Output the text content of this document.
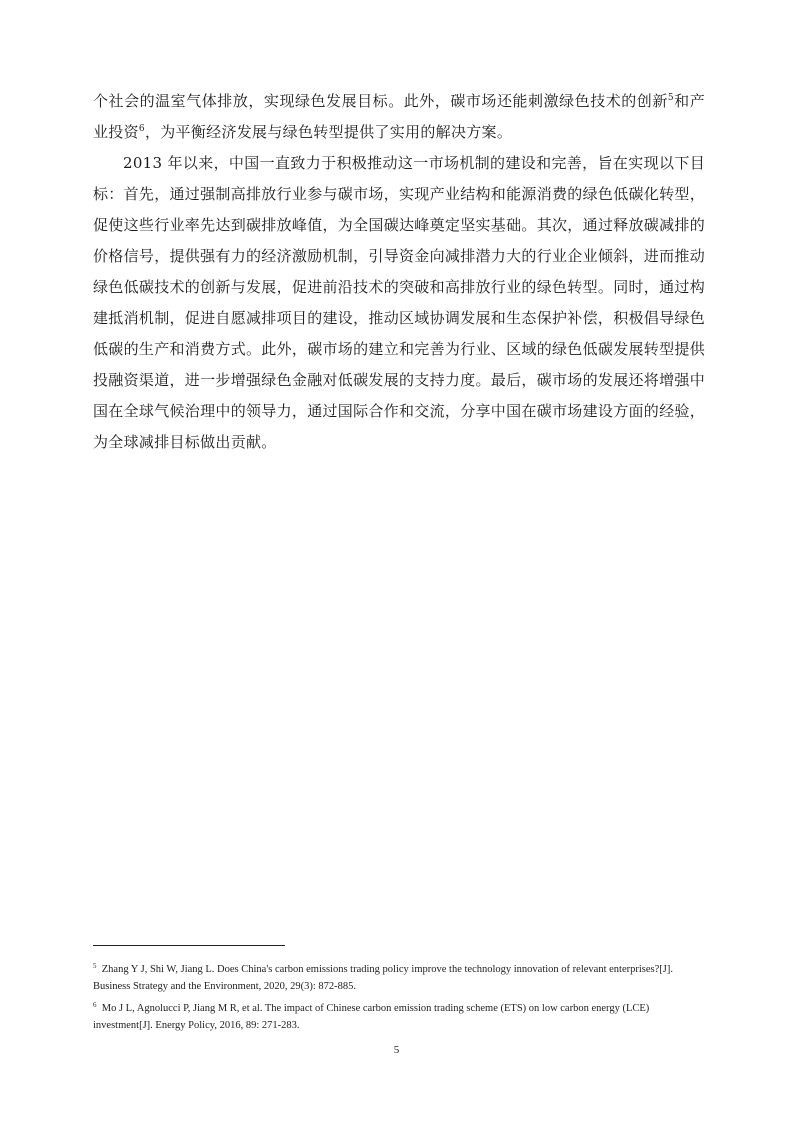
个社会的温室气体排放，实现绿色发展目标。此外，碳市场还能刺激绿色技术的创新$^5$和产业投资$^6$，为平衡经济发展与绿色转型提供了实用的解决方案。

2013 年以来，中国一直致力于积极推动这一市场机制的建设和完善，旨在实现以下目标：首先，通过强制高排放行业参与碳市场，实现产业结构和能源消费的绿色低碳化转型，促使这些行业率先达到碳排放峰值，为全国碳达峰奠定坚实基础。其次，通过释放碳减排的价格信号，提供强有力的经济激励机制，引导资金向减排潜力大的行业企业倾斜，进而推动绿色低碳技术的创新与发展，促进前沿技术的突破和高排放行业的绿色转型。同时，通过构建抵消机制，促进自愿减排项目的建设，推动区域协调发展和生态保护补偿，积极倡导绿色低碳的生产和消费方式。此外，碳市场的建立和完善为行业、区域的绿色低碳发展转型提供投融资渠道，进一步增强绿色金融对低碳发展的支持力度。最后，碳市场的发展还将增强中国在全球气候治理中的领导力，通过国际合作和交流，分享中国在碳市场建设方面的经验，为全球减排目标做出贡献。

$^5$ Zhang Y J, Shi W, Jiang L. Does China's carbon emissions trading policy improve the technology innovation of relevant enterprises?[J]. Business Strategy and the Environment, 2020, 29(3): 872-885.

$^6$ Mo J L, Agnolucci P, Jiang M R, et al. The impact of Chinese carbon emission trading scheme (ETS) on low carbon energy (LCE) investment[J]. Energy Policy, 2016, 89: 271-283.

5
